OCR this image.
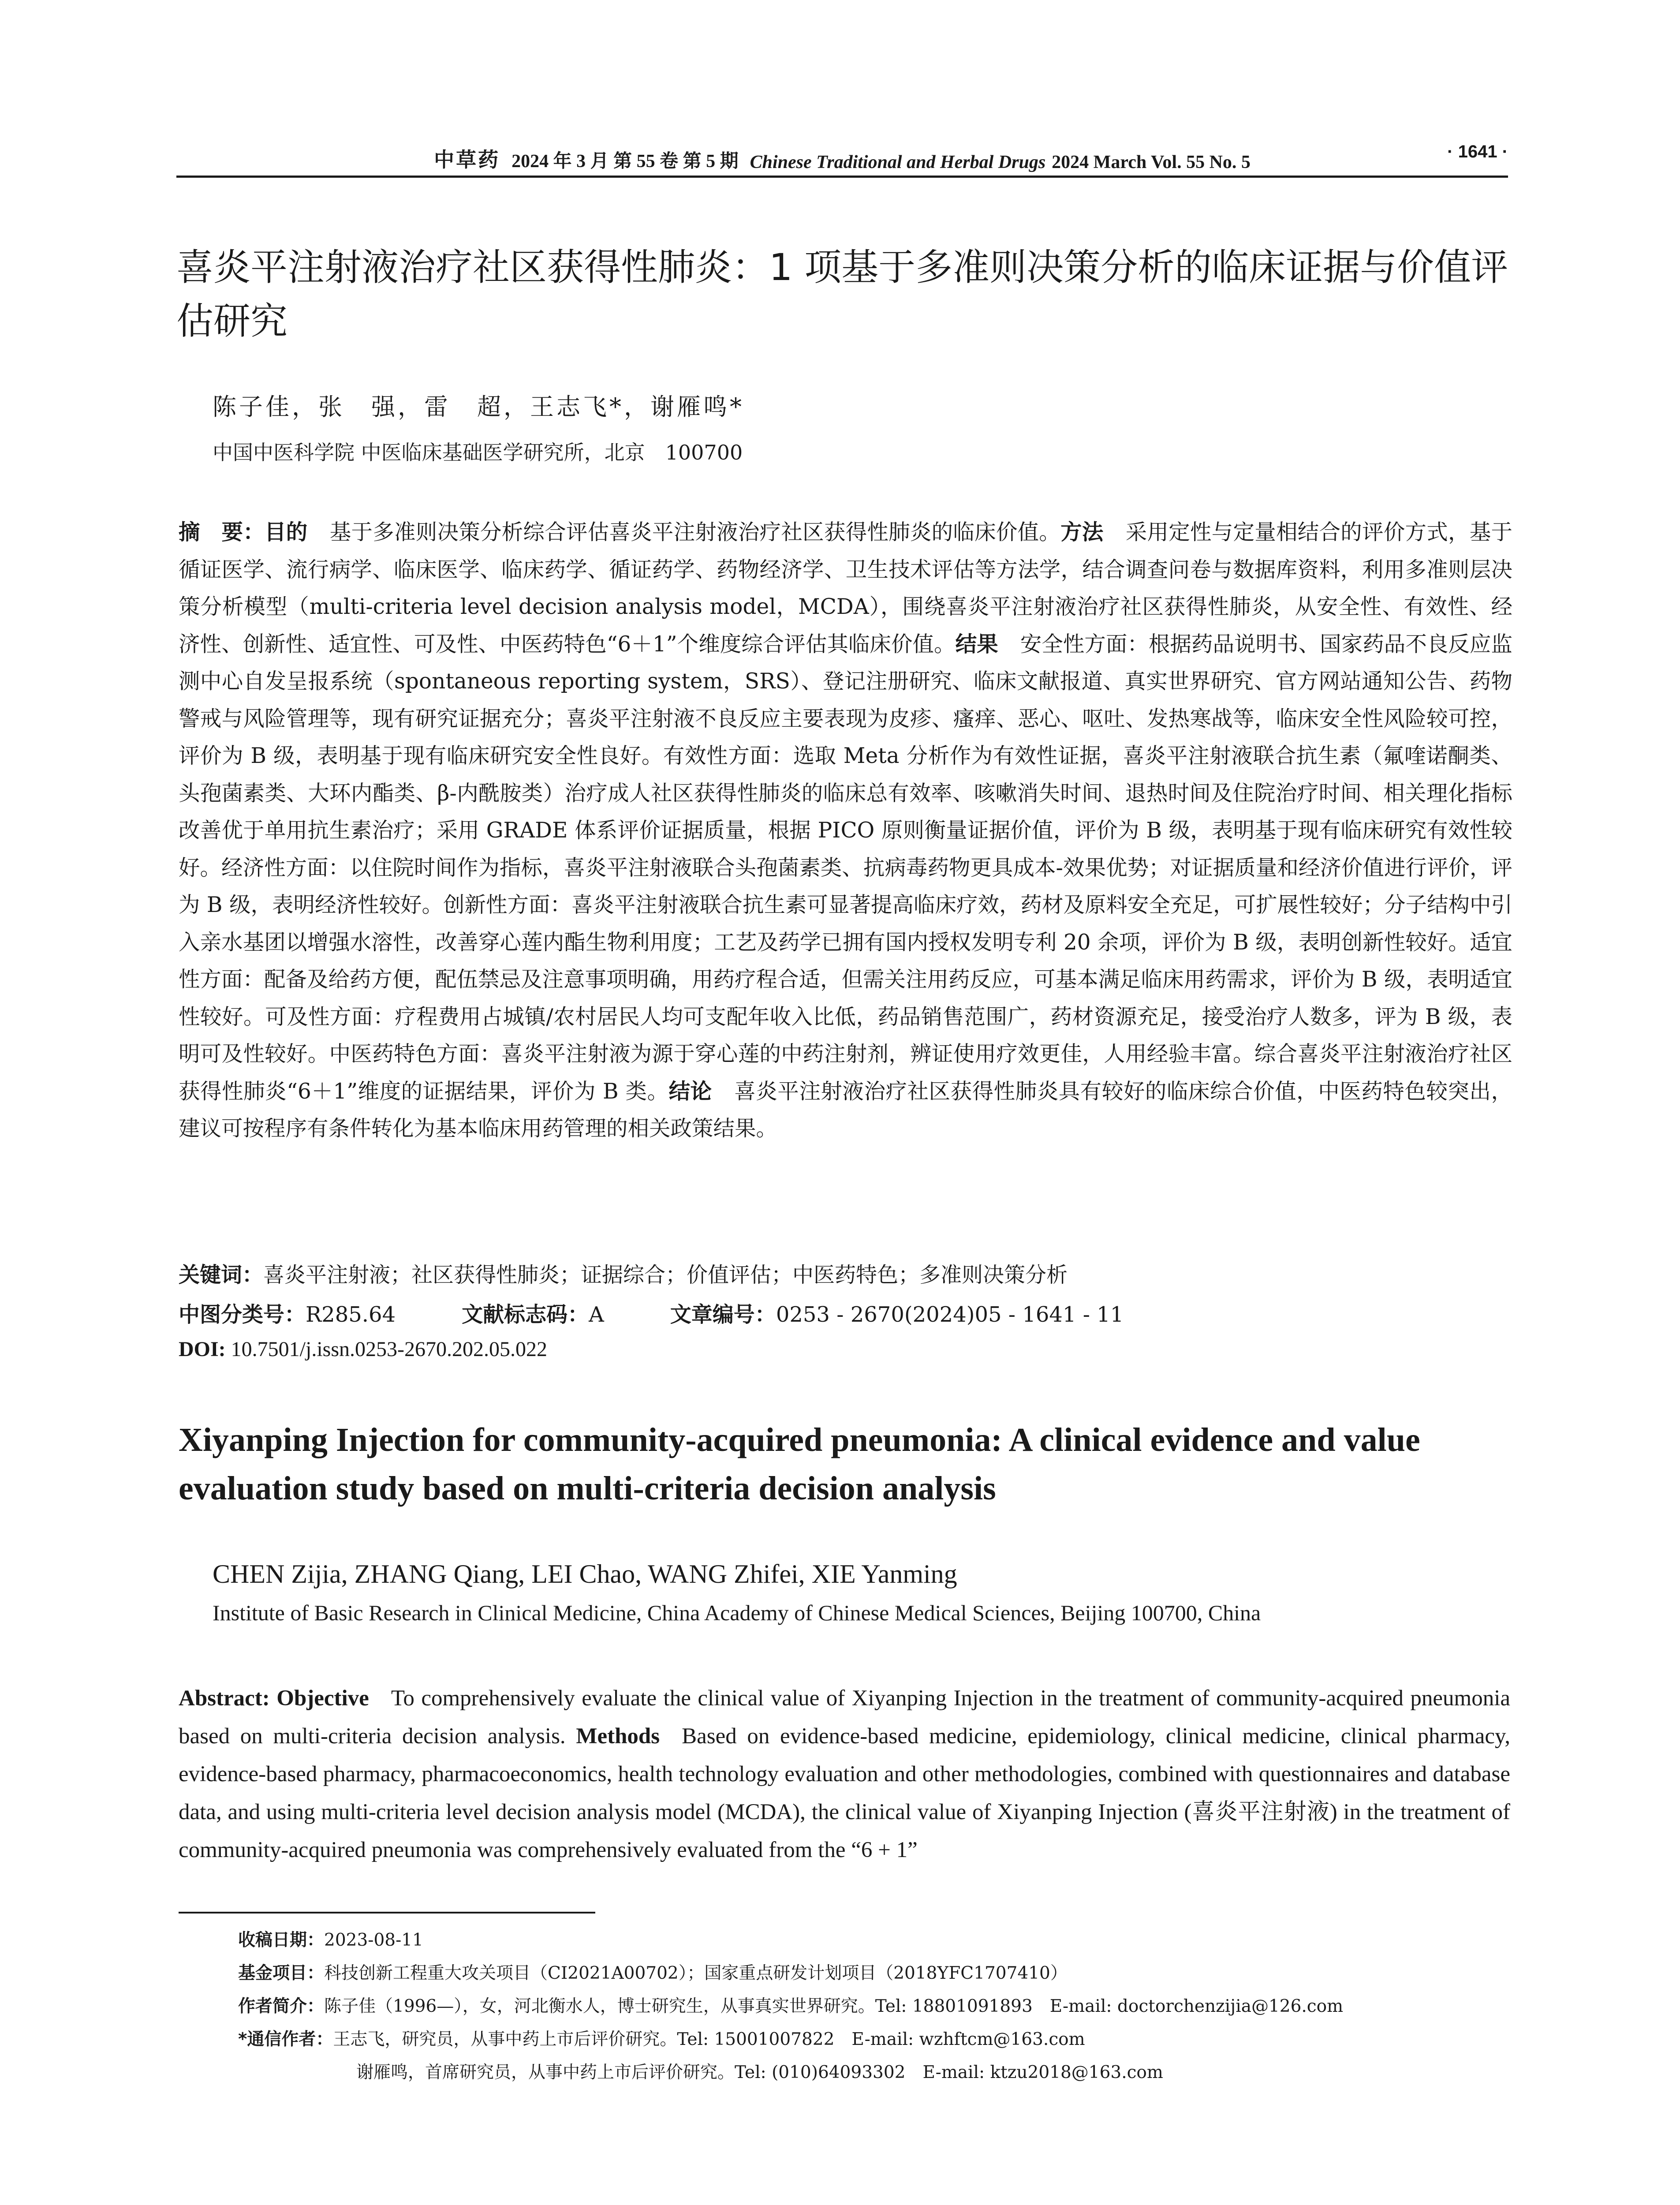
中草药 2024 年 3 月 第 55 卷 第 5 期 Chinese Traditional and Herbal Drugs 2024 March Vol. 55 No. 5
· 1641 ·
喜炎平注射液治疗社区获得性肺炎：1 项基于多准则决策分析的临床证据与价值评估研究
陈子佳，张　强，雷　超，王志飞*，谢雁鸣*
中国中医科学院 中医临床基础医学研究所，北京　100700
摘　要：目的 基于多准则决策分析综合评估喜炎平注射液治疗社区获得性肺炎的临床价值。方法 采用定性与定量相结合的评价方式，基于循证医学、流行病学、临床医学、临床药学、循证药学、药物经济学、卫生技术评估等方法学，结合调查问卷与数据库资料，利用多准则层决策分析模型（multi-criteria level decision analysis model，MCDA），围绕喜炎平注射液治疗社区获得性肺炎，从安全性、有效性、经济性、创新性、适宜性、可及性、中医药特色“6＋1”个维度综合评估其临床价值。结果 安全性方面：根据药品说明书、国家药品不良反应监测中心自发呈报系统（spontaneous reporting system，SRS）、登记注册研究、临床文献报道、真实世界研究、官方网站通知公告、药物警戒与风险管理等，现有研究证据充分；喜炎平注射液不良反应主要表现为皮疹、瘙痒、恶心、呕吐、发热寒战等，临床安全性风险较可控，评价为 B 级，表明基于现有临床研究安全性良好。有效性方面：选取 Meta 分析作为有效性证据，喜炎平注射液联合抗生素（氟喹诺酮类、头孢菌素类、大环内酯类、β-内酰胺类）治疗成人社区获得性肺炎的临床总有效率、咳嗽消失时间、退热时间及住院治疗时间、相关理化指标改善优于单用抗生素治疗；采用 GRADE 体系评价证据质量，根据 PICO 原则衡量证据价值，评价为 B 级，表明基于现有临床研究有效性较好。经济性方面：以住院时间作为指标，喜炎平注射液联合头孢菌素类、抗病毒药物更具成本-效果优势；对证据质量和经济价值进行评价，评为 B 级，表明经济性较好。创新性方面：喜炎平注射液联合抗生素可显著提高临床疗效，药材及原料安全充足，可扩展性较好；分子结构中引入亲水基团以增强水溶性，改善穿心莲内酯生物利用度；工艺及药学已拥有国内授权发明专利 20 余项，评价为 B 级，表明创新性较好。适宜性方面：配备及给药方便，配伍禁忌及注意事项明确，用药疗程合适，但需关注用药反应，可基本满足临床用药需求，评价为 B 级，表明适宜性较好。可及性方面：疗程费用占城镇/农村居民人均可支配年收入比低，药品销售范围广，药材资源充足，接受治疗人数多，评为 B 级，表明可及性较好。中医药特色方面：喜炎平注射液为源于穿心莲的中药注射剂，辨证使用疗效更佳，人用经验丰富。综合喜炎平注射液治疗社区获得性肺炎“6＋1”维度的证据结果，评价为 B 类。结论 喜炎平注射液治疗社区获得性肺炎具有较好的临床综合价值，中医药特色较突出，建议可按程序有条件转化为基本临床用药管理的相关政策结果。
关键词：喜炎平注射液；社区获得性肺炎；证据综合；价值评估；中医药特色；多准则决策分析
中图分类号：R285.64	文献标志码：A	文章编号：0253 - 2670(2024)05 - 1641 - 11
DOI: 10.7501/j.issn.0253-2670.202.05.022
Xiyanping Injection for community-acquired pneumonia: A clinical evidence and value evaluation study based on multi-criteria decision analysis
CHEN Zijia, ZHANG Qiang, LEI Chao, WANG Zhifei, XIE Yanming
Institute of Basic Research in Clinical Medicine, China Academy of Chinese Medical Sciences, Beijing 100700, China
Abstract: Objective To comprehensively evaluate the clinical value of Xiyanping Injection in the treatment of community-acquired pneumonia based on multi-criteria decision analysis. Methods Based on evidence-based medicine, epidemiology, clinical medicine, clinical pharmacy, evidence-based pharmacy, pharmacoeconomics, health technology evaluation and other methodologies, combined with questionnaires and database data, and using multi-criteria level decision analysis model (MCDA), the clinical value of Xiyanping Injection (喜炎平注射液) in the treatment of community-acquired pneumonia was comprehensively evaluated from the “6 + 1”
收稿日期：2023-08-11
基金项目：科技创新工程重大攻关项目（CI2021A00702）；国家重点研发计划项目（2018YFC1707410）
作者简介：陈子佳（1996—），女，河北衡水人，博士研究生，从事真实世界研究。Tel: 18801091893　E-mail: doctorchenzijia@126.com
*通信作者：王志飞，研究员，从事中药上市后评价研究。Tel: 15001007822　E-mail: wzhftcm@163.com
谢雁鸣，首席研究员，从事中药上市后评价研究。Tel: (010)64093302　E-mail: ktzu2018@163.com
